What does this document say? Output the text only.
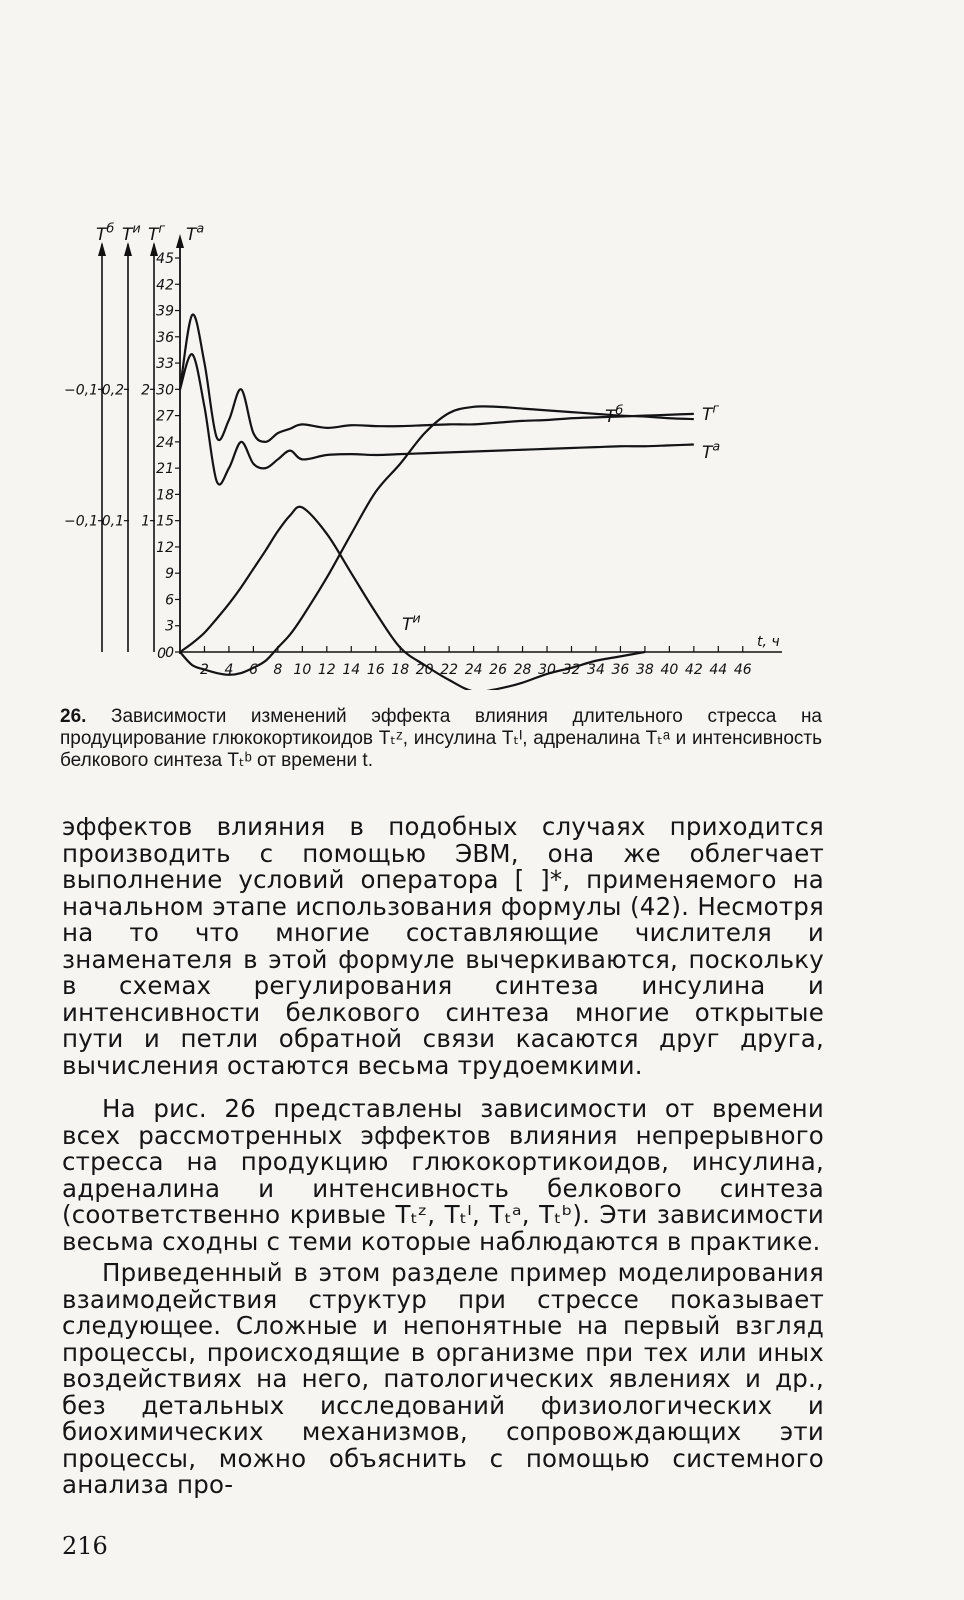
$T^б$
−0,1
−0,1
$T^и$
0,2
0,1
$T^г$
2
1
0
3
6
9
12
15
18
21
24
27
30
33
36
39
42
45
2 4 6 8 10 12 14 16 18 20 22 24 26 28 30 32 34 36 38 40 42 44 46
t, ч
0
$T^а$
$T^б$	$T^г$
$T^а$
$T^и$
26. Зависимости изменений эффекта влияния длительного стресса на продуцирование глюкокортикоидов Tₜᶻ, инсулина Tₜᴵ, адреналина Tₜᵃ и интенсивность белкового синтеза Tₜᵇ от времени t.

эффектов влияния в подобных случаях приходится производить с помощью ЭВМ, она же облегчает выполнение условий оператора [ ]*, применяемого на начальном этапе использования формулы (42). Несмотря на то что многие составляющие числителя и знаменателя в этой формуле вычеркиваются, поскольку в схемах регулирования синтеза инсулина и интенсивности белкового синтеза многие открытые пути и петли обратной связи касаются друг друга, вычисления остаются весьма трудоемкими.

На рис. 26 представлены зависимости от времени всех рассмотренных эффектов влияния непрерывного стресса на продукцию глюкокортикоидов, инсулина, адреналина и интенсивность белкового синтеза (соответственно кривые Tₜᶻ, Tₜᴵ, Tₜᵃ, Tₜᵇ). Эти зависимости весьма сходны с теми которые наблюдаются в практике.

Приведенный в этом разделе пример моделирования взаимодействия структур при стрессе показывает следующее. Сложные и непонятные на первый взгляд процессы, происходящие в организме при тех или иных воздействиях на него, патологических явлениях и др., без детальных исследований физиологических и биохимических механизмов, сопровождающих эти процессы, можно объяснить с помощью системного анализа про-

216
